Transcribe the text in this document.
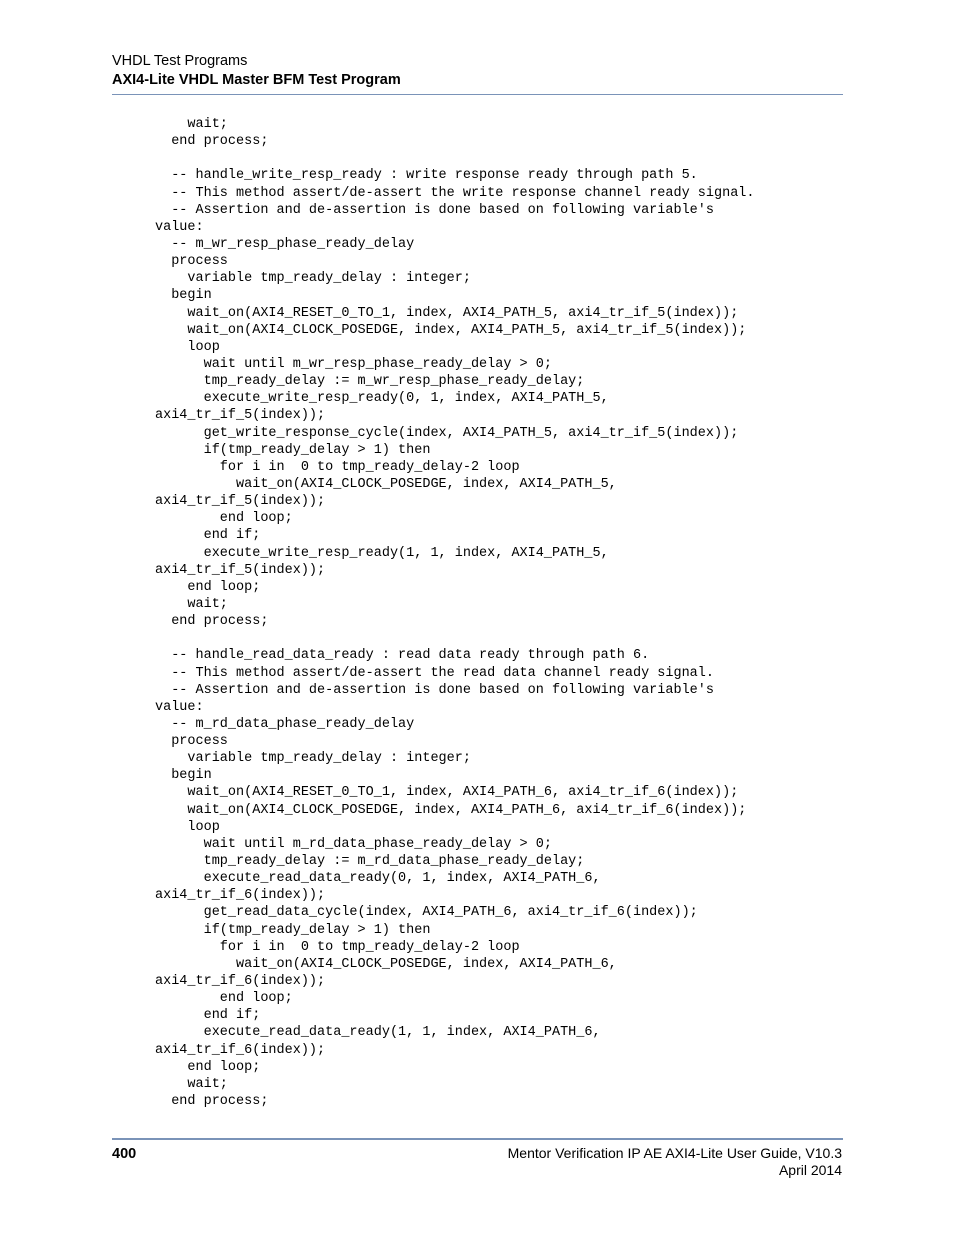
VHDL Test Programs
AXI4-Lite VHDL Master BFM Test Program
wait;
end process;
-- handle_write_resp_ready : write response ready through path 5.
-- This method assert/de-assert the write response channel ready signal.
-- Assertion and de-assertion is done based on following variable's
value:
-- m_wr_resp_phase_ready_delay
process
variable tmp_ready_delay : integer;
begin
wait_on(AXI4_RESET_0_TO_1, index, AXI4_PATH_5, axi4_tr_if_5(index));
wait_on(AXI4_CLOCK_POSEDGE, index, AXI4_PATH_5, axi4_tr_if_5(index));
loop
wait until m_wr_resp_phase_ready_delay > 0;
tmp_ready_delay := m_wr_resp_phase_ready_delay;
execute_write_resp_ready(0, 1, index, AXI4_PATH_5,
axi4_tr_if_5(index));
get_write_response_cycle(index, AXI4_PATH_5, axi4_tr_if_5(index));
if(tmp_ready_delay > 1) then
for i in  0 to tmp_ready_delay-2 loop
wait_on(AXI4_CLOCK_POSEDGE, index, AXI4_PATH_5,
axi4_tr_if_5(index));
end loop;
end if;
execute_write_resp_ready(1, 1, index, AXI4_PATH_5,
axi4_tr_if_5(index));
end loop;
wait;
end process;
-- handle_read_data_ready : read data ready through path 6.
-- This method assert/de-assert the read data channel ready signal.
-- Assertion and de-assertion is done based on following variable's
value:
-- m_rd_data_phase_ready_delay
process
variable tmp_ready_delay : integer;
begin
wait_on(AXI4_RESET_0_TO_1, index, AXI4_PATH_6, axi4_tr_if_6(index));
wait_on(AXI4_CLOCK_POSEDGE, index, AXI4_PATH_6, axi4_tr_if_6(index));
loop
wait until m_rd_data_phase_ready_delay > 0;
tmp_ready_delay := m_rd_data_phase_ready_delay;
execute_read_data_ready(0, 1, index, AXI4_PATH_6,
axi4_tr_if_6(index));
get_read_data_cycle(index, AXI4_PATH_6, axi4_tr_if_6(index));
if(tmp_ready_delay > 1) then
for i in  0 to tmp_ready_delay-2 loop
wait_on(AXI4_CLOCK_POSEDGE, index, AXI4_PATH_6,
axi4_tr_if_6(index));
end loop;
end if;
execute_read_data_ready(1, 1, index, AXI4_PATH_6,
axi4_tr_if_6(index));
end loop;
wait;
end process;
400	Mentor Verification IP AE AXI4-Lite User Guide, V10.3
April 2014
